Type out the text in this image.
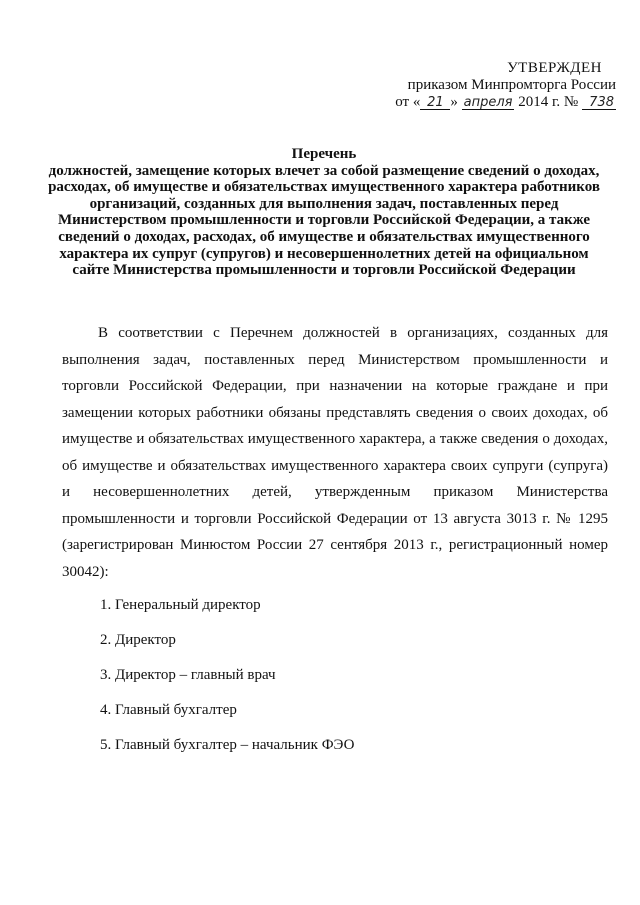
УТВЕРЖДЕН
приказом Минпромторга России
от « 21 » апреля 2014 г. № 738
Перечень
должностей, замещение которых влечет за собой размещение сведений о доходах, расходах, об имуществе и обязательствах имущественного характера работников организаций, созданных для выполнения задач, поставленных перед Министерством промышленности и торговли Российской Федерации, а также сведений о доходах, расходах, об имуществе и обязательствах имущественного характера их супруг (супругов) и несовершеннолетних детей на официальном сайте Министерства промышленности и торговли Российской Федерации
В соответствии с Перечнем должностей в организациях, созданных для выполнения задач, поставленных перед Министерством промышленности и торговли Российской Федерации, при назначении на которые граждане и при замещении которых работники обязаны представлять сведения о своих доходах, об имуществе и обязательствах имущественного характера, а также сведения о доходах, об имуществе и обязательствах имущественного характера своих супруги (супруга) и несовершеннолетних детей, утвержденным приказом Министерства промышленности и торговли Российской Федерации от 13 августа 3013 г. № 1295 (зарегистрирован Минюстом России 27 сентября 2013 г., регистрационный номер 30042):
1. Генеральный директор
2. Директор
3. Директор – главный врач
4. Главный бухгалтер
5. Главный бухгалтер – начальник ФЭО
